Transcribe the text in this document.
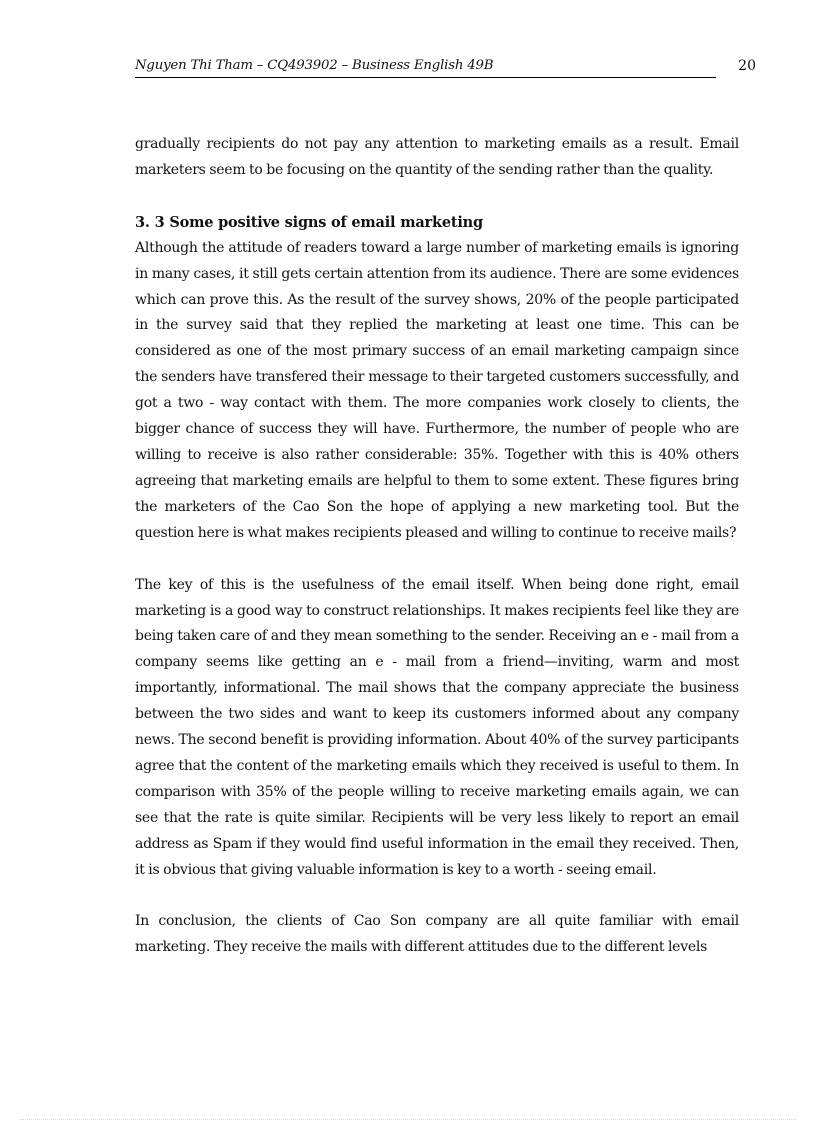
Nguyen Thi Tham – CQ493902 – Business English 49B	20

gradually recipients do not pay any attention to marketing emails as a result. Email marketers seem to be focusing on the quantity of the sending rather than the quality.

3. 3 Some positive signs of email marketing

Although the attitude of readers toward a large number of marketing emails is ignoring in many cases, it still gets certain attention from its audience. There are some evidences which can prove this. As the result of the survey shows, 20% of the people participated in the survey said that they replied the marketing at least one time. This can be considered as one of the most primary success of an email marketing campaign since the senders have transfered their message to their targeted customers successfully, and got a two - way contact with them. The more companies work closely to clients, the bigger chance of success they will have. Furthermore, the number of people who are willing to receive is also rather considerable: 35%. Together with this is 40% others agreeing that marketing emails are helpful to them to some extent. These figures bring the marketers of the Cao Son the hope of applying a new marketing tool. But the question here is what makes recipients pleased and willing to continue to receive mails?

The key of this is the usefulness of the email itself. When being done right, email marketing is a good way to construct relationships. It makes recipients feel like they are being taken care of and they mean something to the sender. Receiving an e - mail from a company seems like getting an e - mail from a friend—inviting, warm and most importantly, informational. The mail shows that the company appreciate the business between the two sides and want to keep its customers informed about any company news. The second benefit is providing information. About 40% of the survey participants agree that the content of the marketing emails which they received is useful to them. In comparison with 35% of the people willing to receive marketing emails again, we can see that the rate is quite similar. Recipients will be very less likely to report an email address as Spam if they would find useful information in the email they received. Then, it is obvious that giving valuable information is key to a worth - seeing email.

In conclusion, the clients of Cao Son company are all quite familiar with email marketing. They receive the mails with different attitudes due to the different levels
